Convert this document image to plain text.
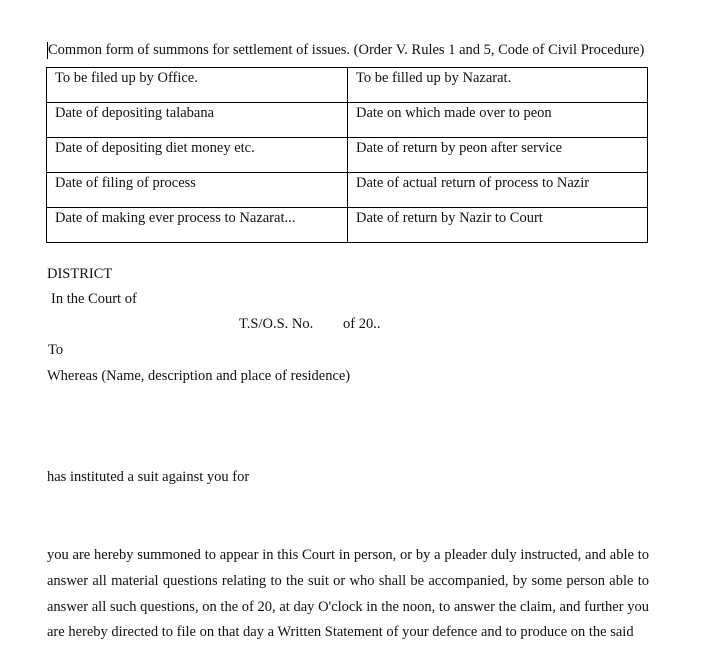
Common form of summons for settlement of issues. (Order V. Rules 1 and 5, Code of Civil Procedure)
To be filed up by Office.	To be filled up by Nazarat.
Date of depositing talabana	Date on which made over to peon
Date of depositing diet money etc.	Date of return by peon after service
Date of filing of process	Date of actual return of process to Nazir
Date of making ever process to Nazarat...	Date of return by Nazir to Court
DISTRICT
In the Court of
T.S/O.S. No. of 20..
To
Whereas (Name, description and place of residence)
has instituted a suit against you for
you are hereby summoned to appear in this Court in person, or by a pleader duly instructed, and able to answer all material questions relating to the suit or who shall be accompanied, by some person able to answer all such questions, on the of 20, at day O'clock in the noon, to answer the claim, and further you are hereby directed to file on that day a Written Statement of your defence and to produce on the said
